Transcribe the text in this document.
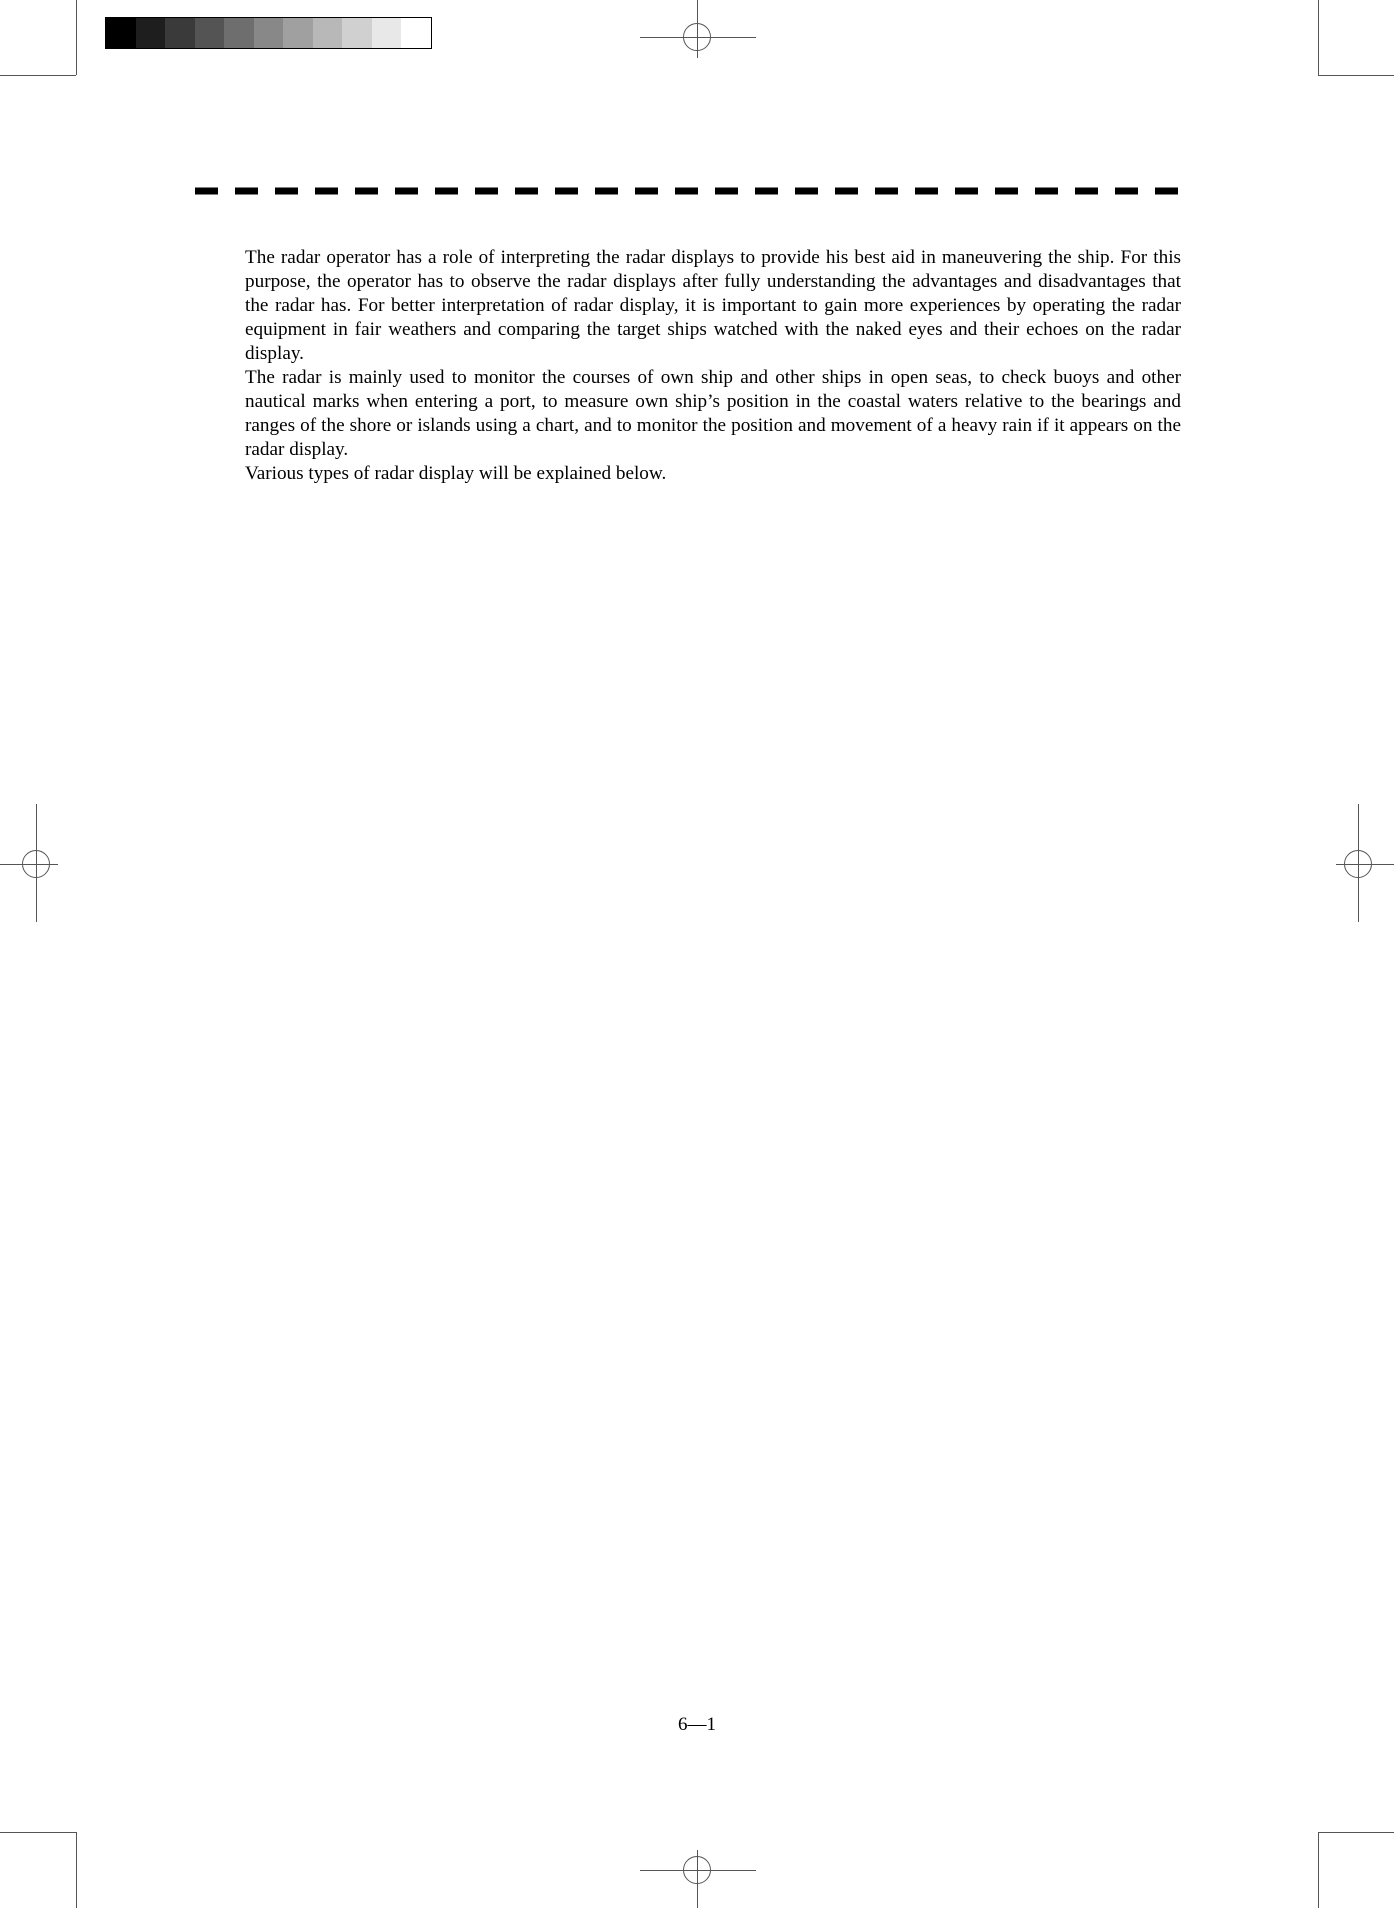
The radar operator has a role of interpreting the radar displays to provide his best aid in maneuvering the ship. For this purpose, the operator has to observe the radar displays after fully understanding the advantages and disadvantages that the radar has. For better interpretation of radar display, it is important to gain more experiences by operating the radar equipment in fair weathers and comparing the target ships watched with the naked eyes and their echoes on the radar display.

The radar is mainly used to monitor the courses of own ship and other ships in open seas, to check buoys and other nautical marks when entering a port, to measure own ship’s position in the coastal waters relative to the bearings and ranges of the shore or islands using a chart, and to monitor the position and movement of a heavy rain if it appears on the radar display.

Various types of radar display will be explained below.

6—1
